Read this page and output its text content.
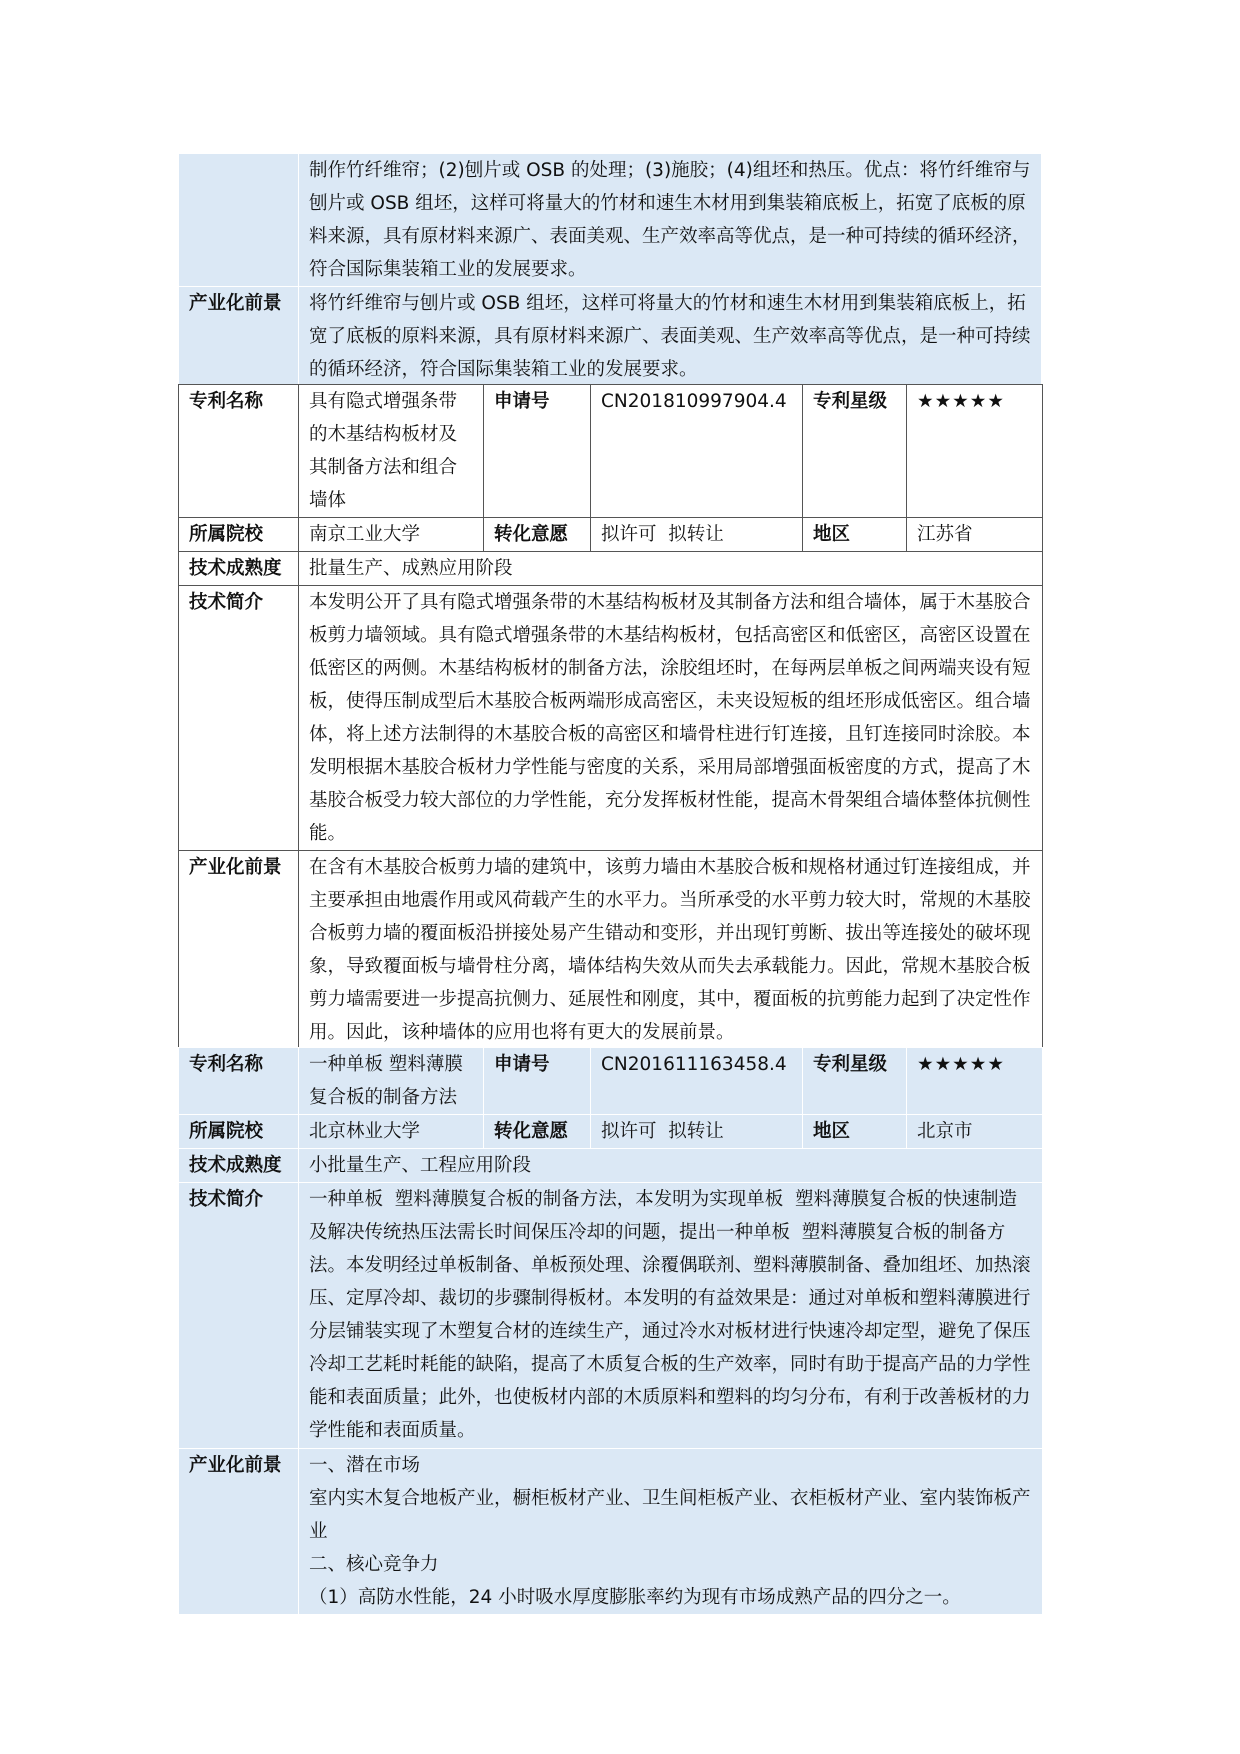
	制作竹纤维帘；(2)刨片或 OSB 的处理；(3)施胶；(4)组坯和热压。优点：将竹纤维帘与刨片或 OSB 组坯，这样可将量大的竹材和速生木材用到集装箱底板上，拓宽了底板的原料来源，具有原材料来源广、表面美观、生产效率高等优点，是一种可持续的循环经济，符合国际集装箱工业的发展要求。
产业化前景	将竹纤维帘与刨片或 OSB 组坯，这样可将量大的竹材和速生木材用到集装箱底板上，拓宽了底板的原料来源，具有原材料来源广、表面美观、生产效率高等优点，是一种可持续的循环经济，符合国际集装箱工业的发展要求。
专利名称	具有隐式增强条带的木基结构板材及其制备方法和组合墙体	申请号	CN201810997904.4	专利星级	★★★★★
所属院校	南京工业大学	转化意愿	拟许可  拟转让	地区	江苏省
技术成熟度	批量生产、成熟应用阶段				
技术简介	本发明公开了具有隐式增强条带的木基结构板材及其制备方法和组合墙体，属于木基胶合板剪力墙领域。具有隐式增强条带的木基结构板材，包括高密区和低密区，高密区设置在低密区的两侧。木基结构板材的制备方法，涂胶组坯时，在每两层单板之间两端夹设有短板，使得压制成型后木基胶合板两端形成高密区，未夹设短板的组坯形成低密区。组合墙体，将上述方法制得的木基胶合板的高密区和墙骨柱进行钉连接，且钉连接同时涂胶。本发明根据木基胶合板材力学性能与密度的关系，采用局部增强面板密度的方式，提高了木基胶合板受力较大部位的力学性能，充分发挥板材性能，提高木骨架组合墙体整体抗侧性能。				
产业化前景	在含有木基胶合板剪力墙的建筑中，该剪力墙由木基胶合板和规格材通过钉连接组成，并主要承担由地震作用或风荷载产生的水平力。当所承受的水平剪力较大时，常规的木基胶合板剪力墙的覆面板沿拼接处易产生错动和变形，并出现钉剪断、拔出等连接处的破坏现象，导致覆面板与墙骨柱分离，墙体结构失效从而失去承载能力。因此，常规木基胶合板剪力墙需要进一步提高抗侧力、延展性和刚度，其中，覆面板的抗剪能力起到了决定性作用。因此，该种墙体的应用也将有更大的发展前景。				
专利名称	一种单板 塑料薄膜复合板的制备方法	申请号	CN201611163458.4	专利星级	★★★★★
所属院校	北京林业大学	转化意愿	拟许可  拟转让	地区	北京市
技术成熟度	小批量生产、工程应用阶段				
技术简介	一种单板  塑料薄膜复合板的制备方法，本发明为实现单板  塑料薄膜复合板的快速制造及解决传统热压法需长时间保压冷却的问题，提出一种单板  塑料薄膜复合板的制备方法。本发明经过单板制备、单板预处理、涂覆偶联剂、塑料薄膜制备、叠加组坯、加热滚压、定厚冷却、裁切的步骤制得板材。本发明的有益效果是：通过对单板和塑料薄膜进行分层铺装实现了木塑复合材的连续生产，通过冷水对板材进行快速冷却定型，避免了保压冷却工艺耗时耗能的缺陷，提高了木质复合板的生产效率，同时有助于提高产品的力学性能和表面质量；此外，也使板材内部的木质原料和塑料的均匀分布，有利于改善板材的力学性能和表面质量。				
产业化前景	一、潜在市场
室内实木复合地板产业，橱柜板材产业、卫生间柜板产业、衣柜板材产业、室内装饰板产业
二、核心竞争力
（1）高防水性能，24 小时吸水厚度膨胀率约为现有市场成熟产品的四分之一。				
